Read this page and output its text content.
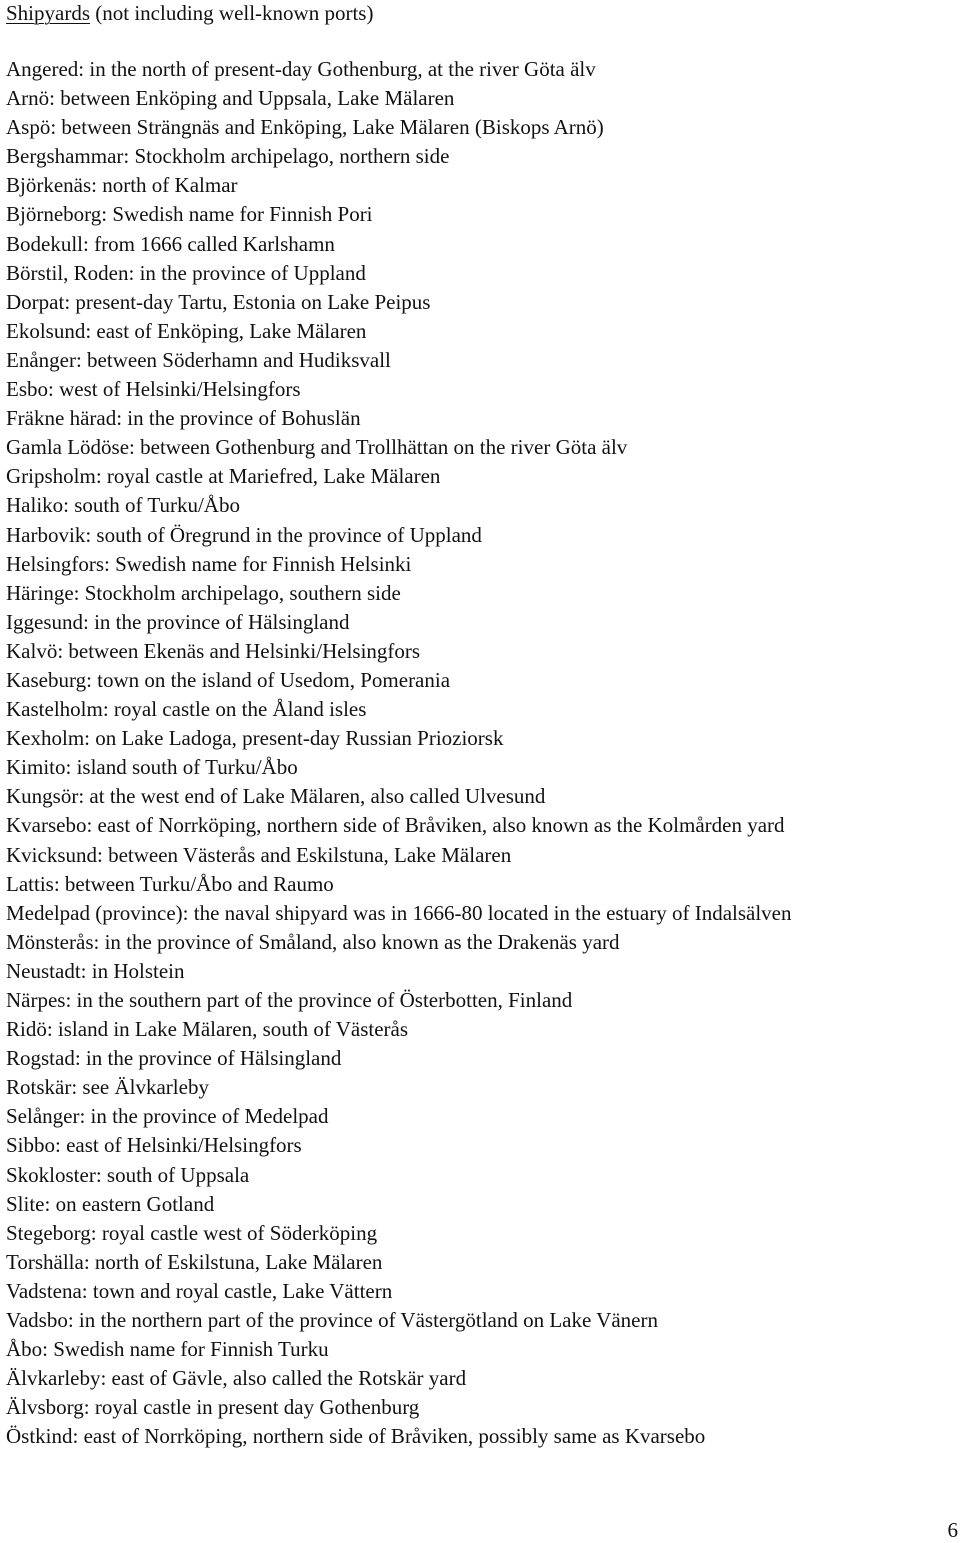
Shipyards (not including well-known ports)
Angered: in the north of present-day Gothenburg, at the river Göta älv
Arnö: between Enköping and Uppsala, Lake Mälaren
Aspö: between Strängnäs and Enköping, Lake Mälaren (Biskops Arnö)
Bergshammar: Stockholm archipelago, northern side
Björkenäs: north of Kalmar
Björneborg: Swedish name for Finnish Pori
Bodekull: from 1666 called Karlshamn
Börstil, Roden: in the province of Uppland
Dorpat: present-day Tartu, Estonia on Lake Peipus
Ekolsund: east of Enköping, Lake Mälaren
Enånger: between Söderhamn and Hudiksvall
Esbo: west of Helsinki/Helsingfors
Fräkne härad: in the province of Bohuslän
Gamla Lödöse: between Gothenburg and Trollhättan on the river Göta älv
Gripsholm: royal castle at Mariefred, Lake Mälaren
Haliko: south of Turku/Åbo
Harbovik: south of Öregrund in the province of Uppland
Helsingfors: Swedish name for Finnish Helsinki
Häringe: Stockholm archipelago, southern side
Iggesund: in the province of Hälsingland
Kalvö: between Ekenäs and Helsinki/Helsingfors
Kaseburg: town on the island of Usedom, Pomerania
Kastelholm: royal castle on the Åland isles
Kexholm: on Lake Ladoga, present-day Russian Prioziorsk
Kimito: island south of Turku/Åbo
Kungsör: at the west end of Lake Mälaren, also called Ulvesund
Kvarsebo: east of Norrköping, northern side of Bråviken, also known as the Kolmården yard
Kvicksund: between Västerås and Eskilstuna, Lake Mälaren
Lattis: between Turku/Åbo and Raumo
Medelpad (province): the naval shipyard was in 1666-80 located in the estuary of Indalsälven
Mönsterås: in the province of Småland, also known as the Drakenäs yard
Neustadt: in Holstein
Närpes: in the southern part of the province of Österbotten, Finland
Ridö: island in Lake Mälaren, south of Västerås
Rogstad: in the province of Hälsingland
Rotskär: see Älvkarleby
Selånger: in the province of Medelpad
Sibbo: east of Helsinki/Helsingfors
Skokloster: south of Uppsala
Slite: on eastern Gotland
Stegeborg: royal castle west of Söderköping
Torshälla: north of Eskilstuna, Lake Mälaren
Vadstena: town and royal castle, Lake Vättern
Vadsbo: in the northern part of the province of Västergötland on Lake Vänern
Åbo: Swedish name for Finnish Turku
Älvkarleby: east of Gävle, also called the Rotskär yard
Älvsborg: royal castle in present day Gothenburg
Östkind: east of Norrköping, northern side of Bråviken, possibly same as Kvarsebo
6
